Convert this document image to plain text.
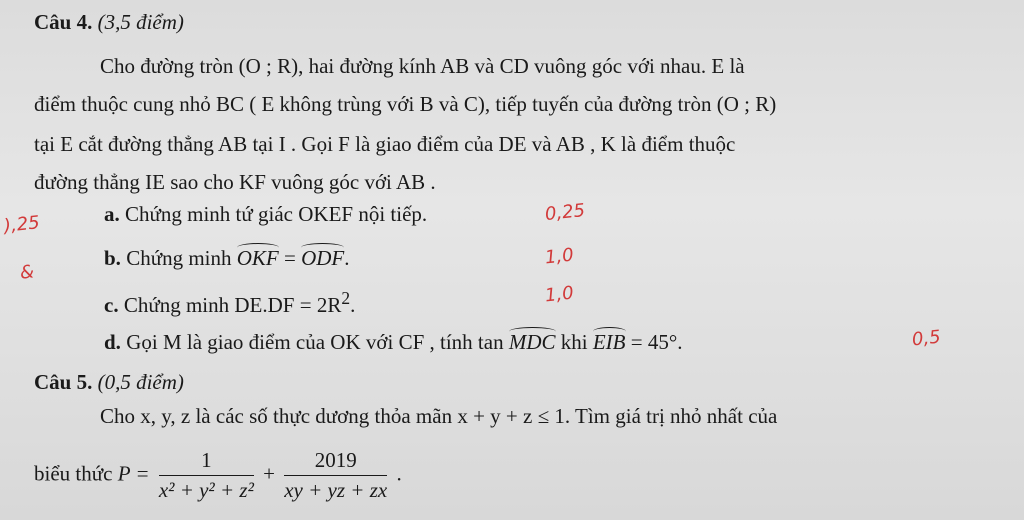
Câu 4. (3,5 điểm)
Cho đường tròn (O ; R), hai đường kính AB và CD vuông góc với nhau. E là
điểm thuộc cung nhỏ BC ( E không trùng với B và C), tiếp tuyến của đường tròn (O ; R)
tại E cắt đường thẳng AB tại I . Gọi F là giao điểm của DE và AB , K là điểm thuộc
đường thẳng IE sao cho KF vuông góc với AB .
a. Chứng minh tứ giác OKEF nội tiếp.
b. Chứng minh OKF = ODF.
c. Chứng minh $DE.DF = 2R^2$.
d. Gọi M là giao điểm của OK với CF , tính tan MDC khi EIB = 45°.
Câu 5. (0,5 điểm)
Cho x, y, z là các số thực dương thỏa mãn x + y + z ≤ 1. Tìm giá trị nhỏ nhất của
biểu thức $P = \frac{1}{\text{x² + y² + z²}} + \frac{2019}{xy + yz + zx}$ .
),25
&
0,25
1,0
1,0
0,5
